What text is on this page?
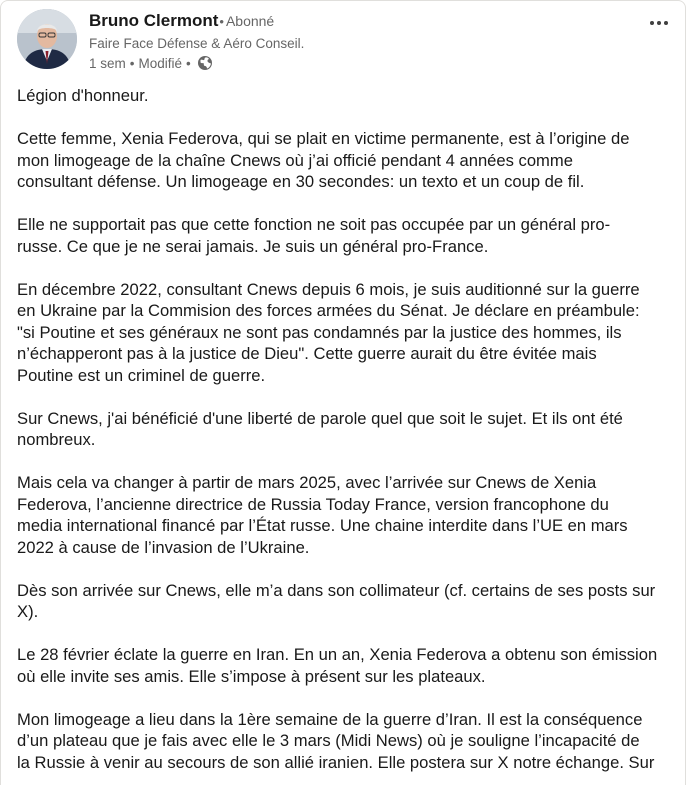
Bruno Clermont • Abonné
Faire Face Défense & Aéro Conseil.
1 sem • Modifié •

Légion d'honneur.

Cette femme, Xenia Federova, qui se plait en victime permanente, est à l’origine de
mon limogeage de la chaîne Cnews où j’ai officié pendant 4 années comme
consultant défense. Un limogeage en 30 secondes: un texto et un coup de fil.

Elle ne supportait pas que cette fonction ne soit pas occupée par un général pro-
russe. Ce que je ne serai jamais. Je suis un général pro-France.

En décembre 2022, consultant Cnews depuis 6 mois, je suis auditionné sur la guerre
en Ukraine par la Commision des forces armées du Sénat. Je déclare en préambule:
"si Poutine et ses généraux ne sont pas condamnés par la justice des hommes, ils
n’échapperont pas à la justice de Dieu". Cette guerre aurait du être évitée mais
Poutine est un criminel de guerre.

Sur Cnews, j'ai bénéficié d'une liberté de parole quel que soit le sujet. Et ils ont été
nombreux.

Mais cela va changer à partir de mars 2025, avec l’arrivée sur Cnews de Xenia
Federova, l’ancienne directrice de Russia Today France, version francophone du
media international financé par l’État russe. Une chaine interdite dans l’UE en mars
2022 à cause de l’invasion de l’Ukraine.

Dès son arrivée sur Cnews, elle m’a dans son collimateur (cf. certains de ses posts sur
X).

Le 28 février éclate la guerre en Iran. En un an, Xenia Federova a obtenu son émission
où elle invite ses amis. Elle s’impose à présent sur les plateaux.

Mon limogeage a lieu dans la 1ère semaine de la guerre d’Iran. Il est la conséquence
d’un plateau que je fais avec elle le 3 mars (Midi News) où je souligne l’incapacité de
la Russie à venir au secours de son allié iranien. Elle postera sur X notre échange. Sur
